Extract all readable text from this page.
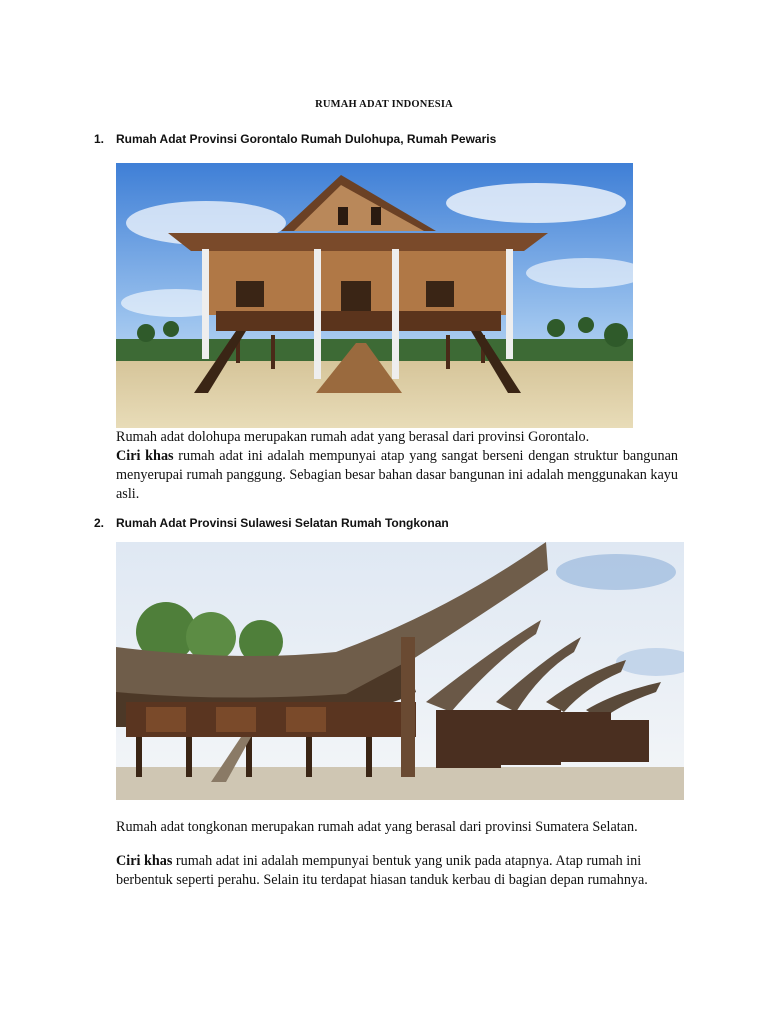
RUMAH ADAT INDONESIA
1. Rumah Adat Provinsi Gorontalo Rumah Dulohupa, Rumah Pewaris

Rumah adat dolohupa merupakan rumah adat yang berasal dari provinsi Gorontalo.

Ciri khas rumah adat ini adalah mempunyai atap yang sangat berseni dengan struktur bangunan menyerupai rumah panggung. Sebagian besar bahan dasar bangunan ini adalah menggunakan kayu asli.

2. Rumah Adat Provinsi Sulawesi Selatan Rumah Tongkonan

Rumah adat tongkonan merupakan rumah adat yang berasal dari provinsi Sumatera Selatan.

Ciri khas rumah adat ini adalah mempunyai bentuk yang unik pada atapnya. Atap rumah ini berbentuk seperti perahu. Selain itu terdapat hiasan tanduk kerbau di bagian depan rumahnya.
